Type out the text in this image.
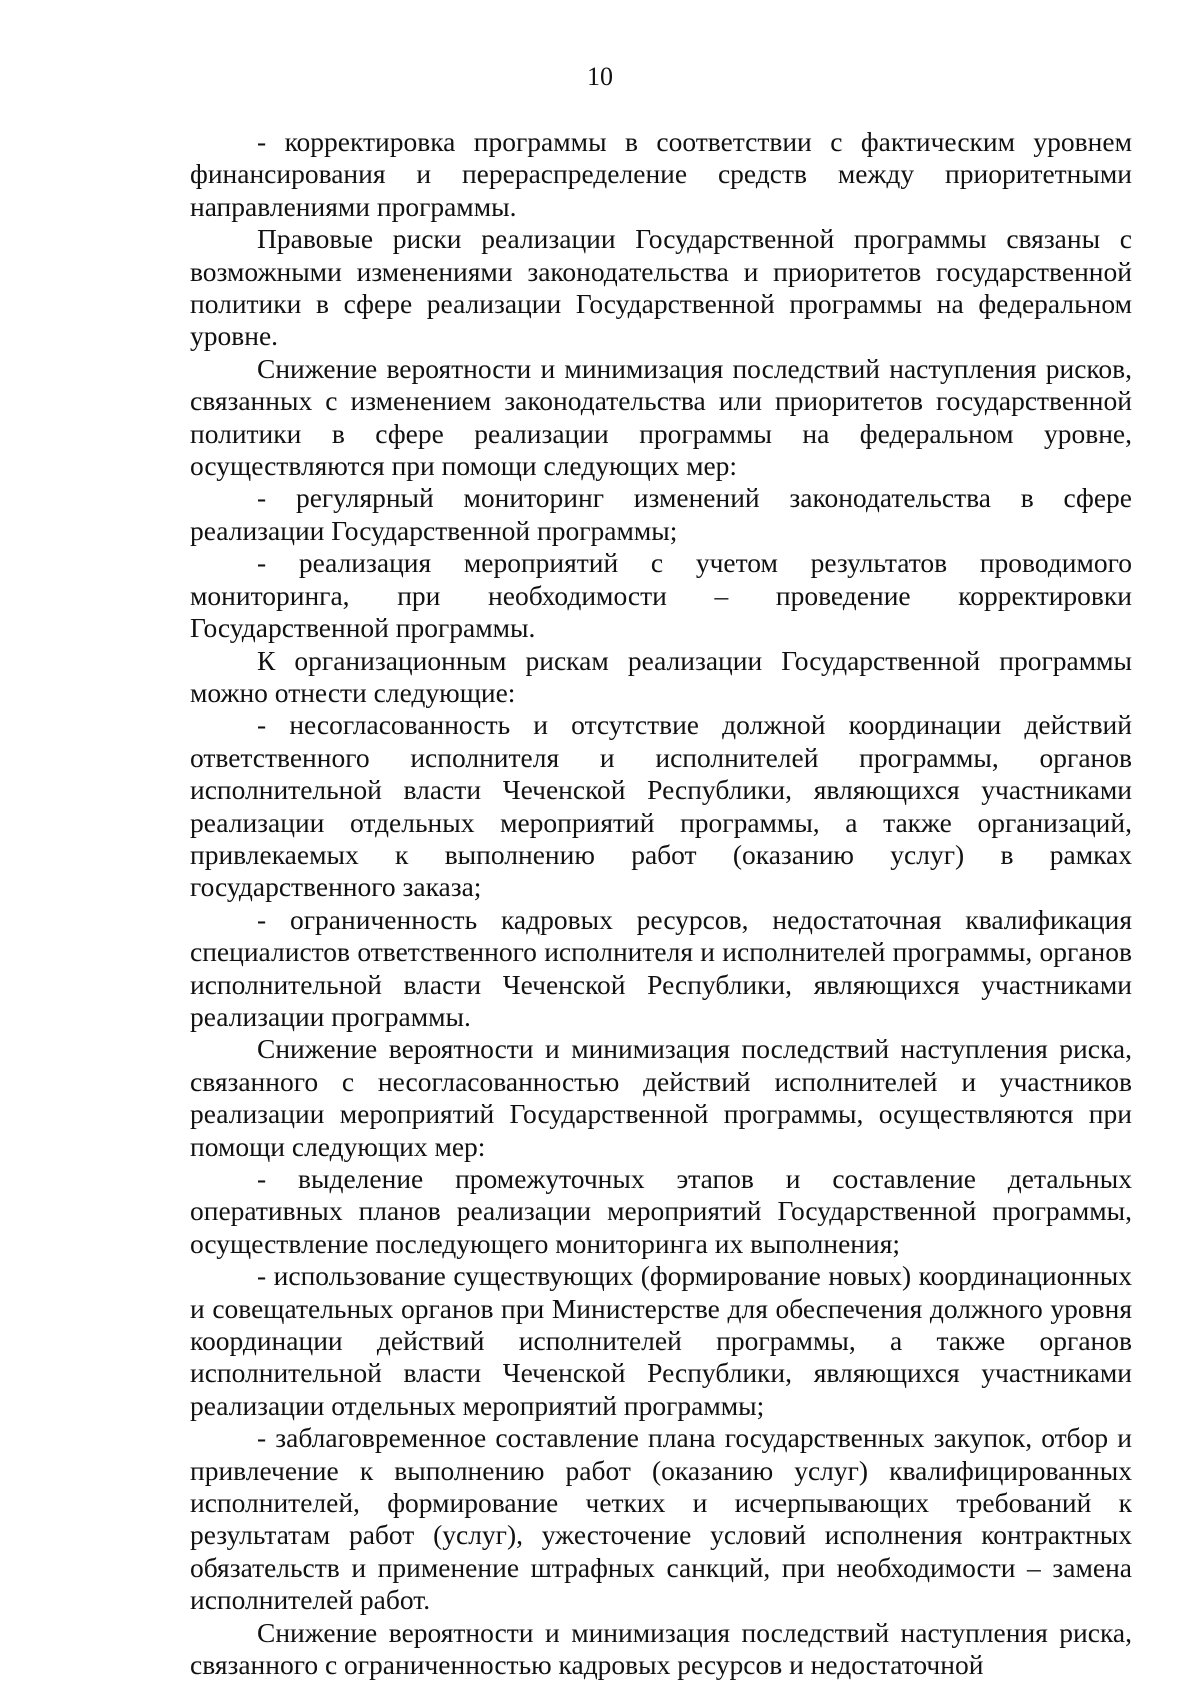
10

- корректировка программы в соответствии с фактическим уровнем финансирования и перераспределение средств между приоритетными направлениями программы.

Правовые риски реализации Государственной программы связаны с возможными изменениями законодательства и приоритетов государственной политики в сфере реализации Государственной программы на федеральном уровне.

Снижение вероятности и минимизация последствий наступления рисков, связанных с изменением законодательства или приоритетов государственной политики в сфере реализации программы на федеральном уровне, осуществляются при помощи следующих мер:

- регулярный мониторинг изменений законодательства в сфере реализации Государственной программы;

- реализация мероприятий с учетом результатов проводимого мониторинга, при необходимости – проведение корректировки Государственной программы.

К организационным рискам реализации Государственной программы можно отнести следующие:

- несогласованность и отсутствие должной координации действий ответственного исполнителя и исполнителей программы, органов исполнительной власти Чеченской Республики, являющихся участниками реализации отдельных мероприятий программы, а также организаций, привлекаемых к выполнению работ (оказанию услуг) в рамках государственного заказа;

- ограниченность кадровых ресурсов, недостаточная квалификация специалистов ответственного исполнителя и исполнителей программы, органов исполнительной власти Чеченской Республики, являющихся участниками реализации программы.

Снижение вероятности и минимизация последствий наступления риска, связанного с несогласованностью действий исполнителей и участников реализации мероприятий Государственной программы, осуществляются при помощи следующих мер:

- выделение промежуточных этапов и составление детальных оперативных планов реализации мероприятий Государственной программы, осуществление последующего мониторинга их выполнения;

- использование существующих (формирование новых) координационных и совещательных органов при Министерстве для обеспечения должного уровня координации действий исполнителей программы, а также органов исполнительной власти Чеченской Республики, являющихся участниками реализации отдельных мероприятий программы;

- заблаговременное составление плана государственных закупок, отбор и привлечение к выполнению работ (оказанию услуг) квалифицированных исполнителей, формирование четких и исчерпывающих требований к результатам работ (услуг), ужесточение условий исполнения контрактных обязательств и применение штрафных санкций, при необходимости – замена исполнителей работ.

Снижение вероятности и минимизация последствий наступления риска, связанного с ограниченностью кадровых ресурсов и недостаточной
